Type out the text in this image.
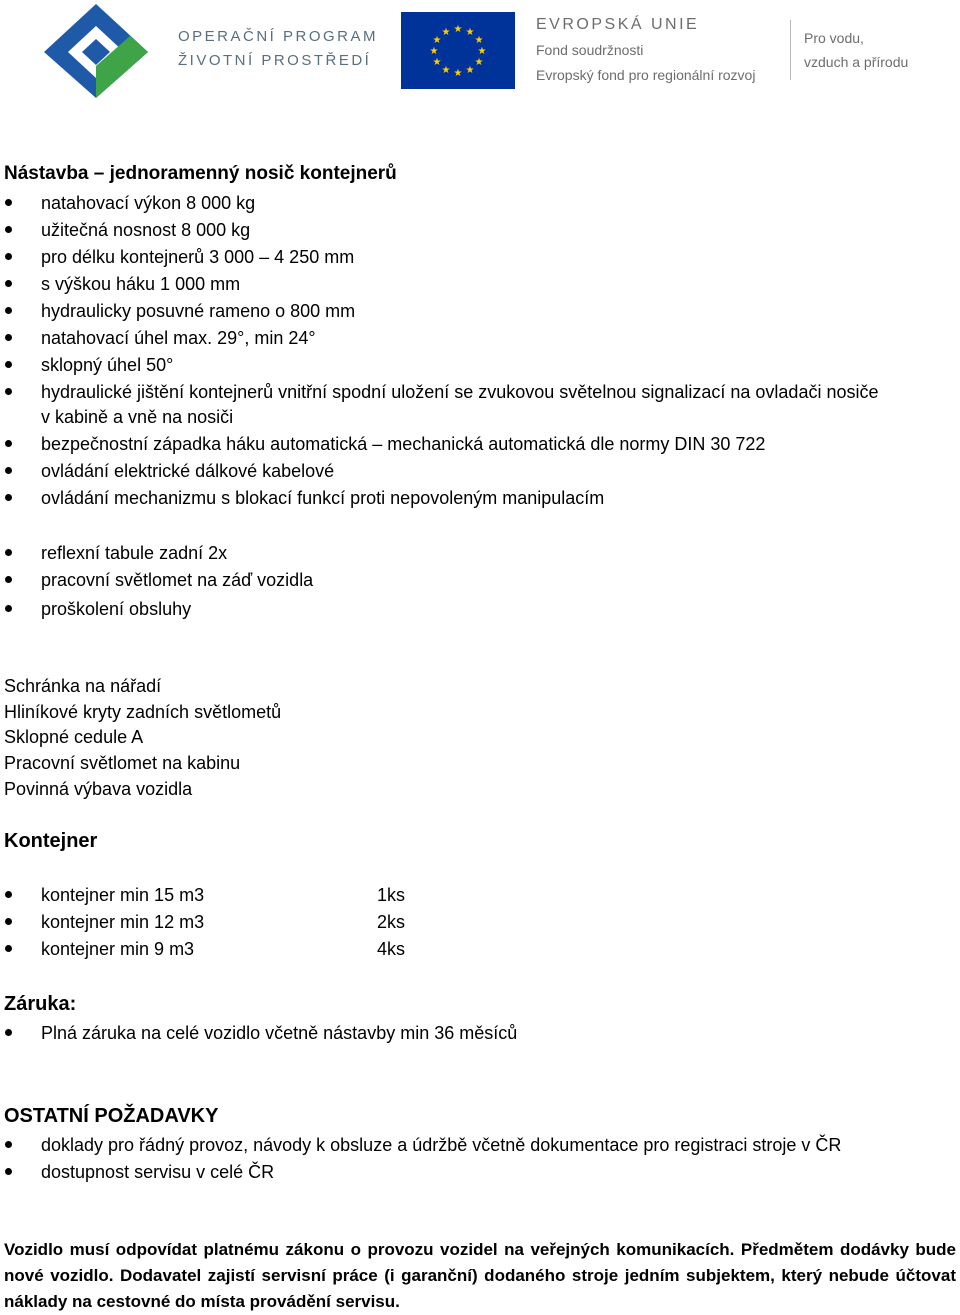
OPERAČNÍ PROGRAM
ŽIVOTNÍ PROSTŘEDÍ
★ ★
★
★
★
★
★
★
★
★
★
★	EVROPSKÁ UNIE
Fond soudržnosti
Evropský fond pro regionální rozvoj
Pro vodu,
vzduch a přírodu
Nástavba – jednoramenný nosič kontejnerů
natahovací výkon 8 000 kg
užitečná nosnost 8 000 kg
pro délku kontejnerů 3 000 – 4 250 mm
s výškou háku 1 000 mm
hydraulicky posuvné rameno o 800 mm
natahovací úhel max. 29°, min 24°
sklopný úhel 50°
hydraulické jištění kontejnerů vnitřní spodní uložení se zvukovou světelnou signalizací na ovladači nosiče
v kabině a vně na nosiči
bezpečnostní západka háku automatická – mechanická automatická dle normy DIN 30 722
ovládání elektrické dálkové kabelové
ovládání mechanizmu s blokací funkcí proti nepovoleným manipulacím
reflexní tabule zadní 2x
pracovní světlomet na záď vozidla
proškolení obsluhy
Schránka na nářadí
Hliníkové kryty zadních světlometů
Sklopné cedule A
Pracovní světlomet na kabinu
Povinná výbava vozidla
Kontejner
kontejner min 15 m3	1ks
kontejner min 12 m3	2ks
kontejner min 9 m3	4ks
Záruka:
Plná záruka na celé vozidlo včetně nástavby min 36 měsíců
OSTATNÍ POŽADAVKY
doklady pro řádný provoz, návody k obsluze a údržbě včetně dokumentace pro registraci stroje v ČR
dostupnost servisu v celé ČR
Vozidlo musí odpovídat platnému zákonu o provozu vozidel na veřejných komunikacích. Předmětem dodávky bude nové vozidlo. Dodavatel zajistí servisní práce (i garanční) dodaného stroje jedním subjektem, který nebude účtovat náklady na cestovné do místa provádění servisu.
